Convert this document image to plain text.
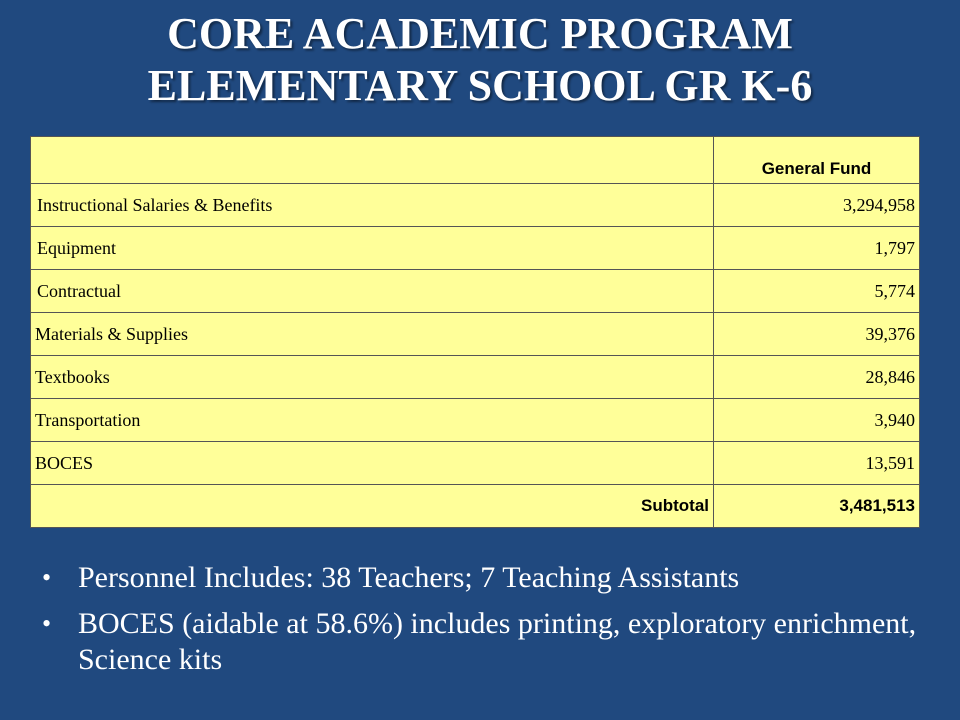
CORE ACADEMIC PROGRAM
ELEMENTARY SCHOOL GR K-6
	General Fund
Instructional Salaries & Benefits	3,294,958
Equipment	1,797
Contractual	5,774
Materials & Supplies	39,376
Textbooks	28,846
Transportation	3,940
BOCES	13,591
Subtotal	3,481,513
• Personnel Includes: 38 Teachers; 7 Teaching Assistants
• BOCES (aidable at 58.6%) includes printing, exploratory enrichment, Science kits
